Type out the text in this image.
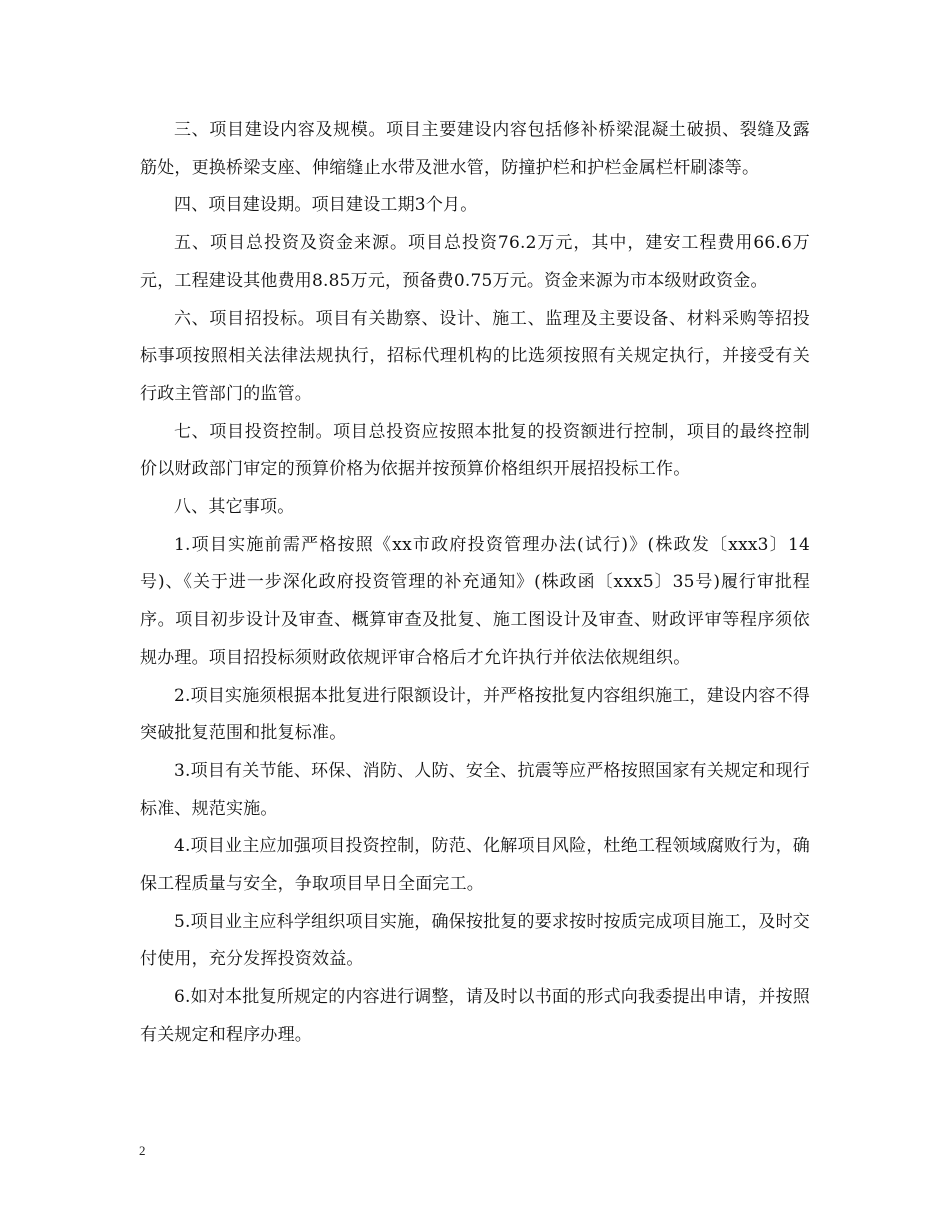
三、项目建设内容及规模。项目主要建设内容包括修补桥梁混凝土破损、裂缝及露筋处，更换桥梁支座、伸缩缝止水带及泄水管，防撞护栏和护栏金属栏杆刷漆等。

四、项目建设期。项目建设工期3个月。

五、项目总投资及资金来源。项目总投资76.2万元，其中，建安工程费用66.6万元，工程建设其他费用8.85万元，预备费0.75万元。资金来源为市本级财政资金。

六、项目招投标。项目有关勘察、设计、施工、监理及主要设备、材料采购等招投标事项按照相关法律法规执行，招标代理机构的比选须按照有关规定执行，并接受有关行政主管部门的监管。

七、项目投资控制。项目总投资应按照本批复的投资额进行控制，项目的最终控制价以财政部门审定的预算价格为依据并按预算价格组织开展招投标工作。

八、其它事项。

1.项目实施前需严格按照《xx市政府投资管理办法(试行)》(株政发〔xxx3〕14号)、《关于进一步深化政府投资管理的补充通知》(株政函〔xxx5〕35号)履行审批程序。项目初步设计及审查、概算审查及批复、施工图设计及审查、财政评审等程序须依规办理。项目招投标须财政依规评审合格后才允许执行并依法依规组织。

2.项目实施须根据本批复进行限额设计，并严格按批复内容组织施工，建设内容不得突破批复范围和批复标准。

3.项目有关节能、环保、消防、人防、安全、抗震等应严格按照国家有关规定和现行标准、规范实施。

4.项目业主应加强项目投资控制，防范、化解项目风险，杜绝工程领域腐败行为，确保工程质量与安全，争取项目早日全面完工。

5.项目业主应科学组织项目实施，确保按批复的要求按时按质完成项目施工，及时交付使用，充分发挥投资效益。

6.如对本批复所规定的内容进行调整，请及时以书面的形式向我委提出申请，并按照有关规定和程序办理。

2
